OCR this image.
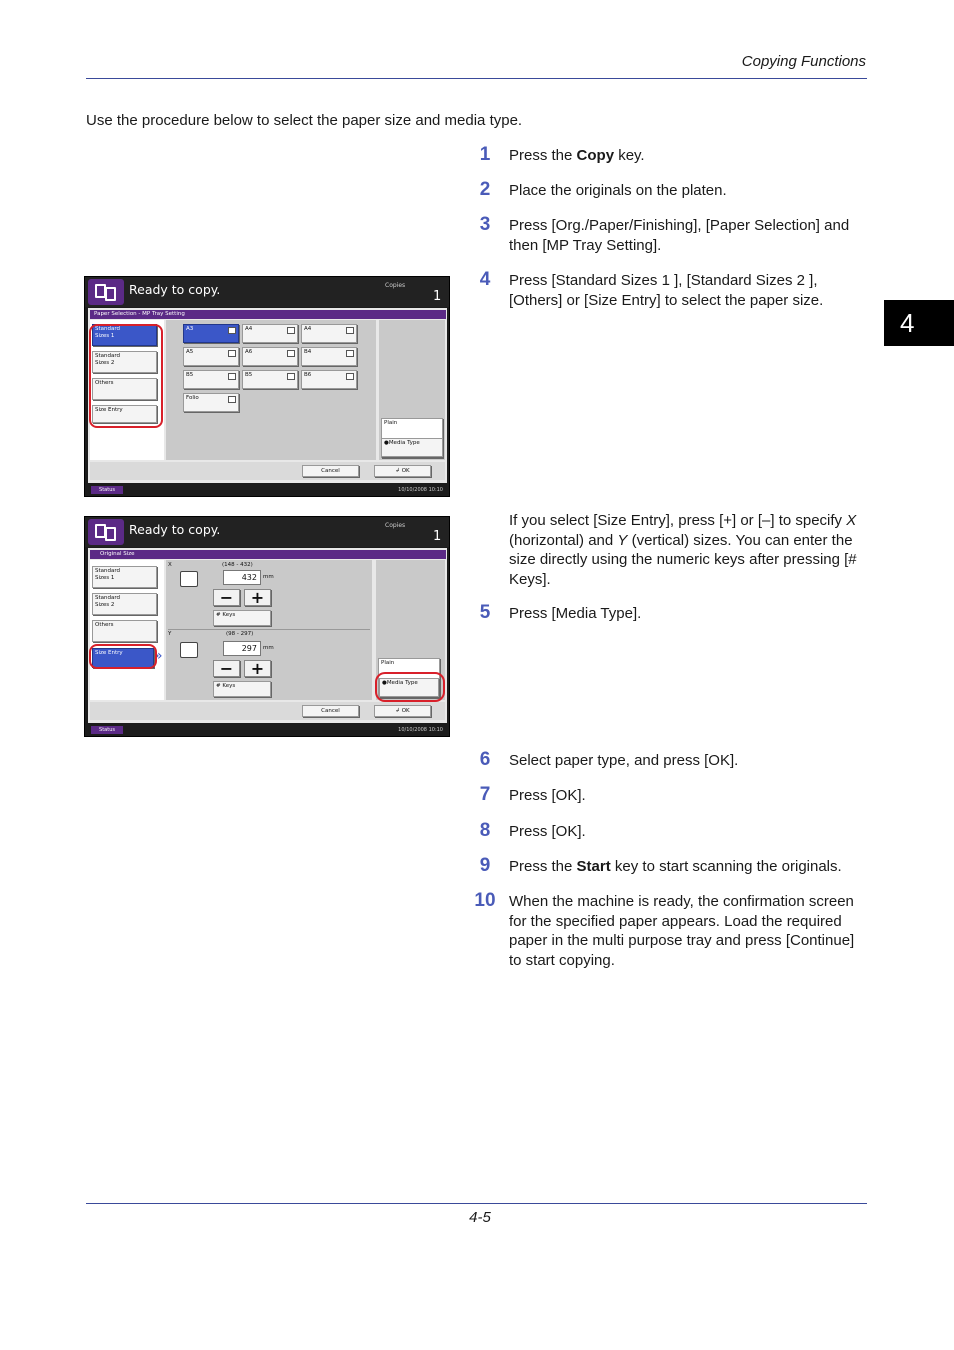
Copying Functions
Use the procedure below to select the paper size and media type.
4
1	Press the Copy key.
2	Place the originals on the platen.
3	Press [Org./Paper/Finishing], [Paper Selection] and then [MP Tray Setting].
4	Press [Standard Sizes 1 ], [Standard Sizes 2 ], [Others] or [Size Entry] to select the paper size.
If you select [Size Entry], press [+] or [–] to specify X (horizontal) and Y (vertical) sizes. You can enter the size directly using the numeric keys after pressing [# Keys].
5	Press [Media Type].
6	Select paper type, and press [OK].
7	Press [OK].
8	Press [OK].
9	Press the Start key to start scanning the originals.
10 When the machine is ready, the confirmation screen for the specified paper appears. Load the required paper in the multi purpose tray and press [Continue] to start copying.
Ready to copy.	Copies
1
Paper Selection - MP Tray Setting
Standard
Sizes 1
Standard
Sizes 2
Others
Size Entry
A3	A4	A4
A5	A6	B4
B5	B5	B6
Folio
Plain
●Media Type
Cancel	↲ OK
Status	10/10/2008 10:10
Ready to copy.	Copies
1
Original Size
Standard
Sizes 1
Standard
Sizes 2
Others
Size Entry	»
X	(148 - 432)
432	mm
−	+
# Keys
Y	(98 - 297)
297	mm
−	+
# Keys
Plain
●Media Type
Cancel	↲ OK
Status	10/10/2008 10:10
4-5
